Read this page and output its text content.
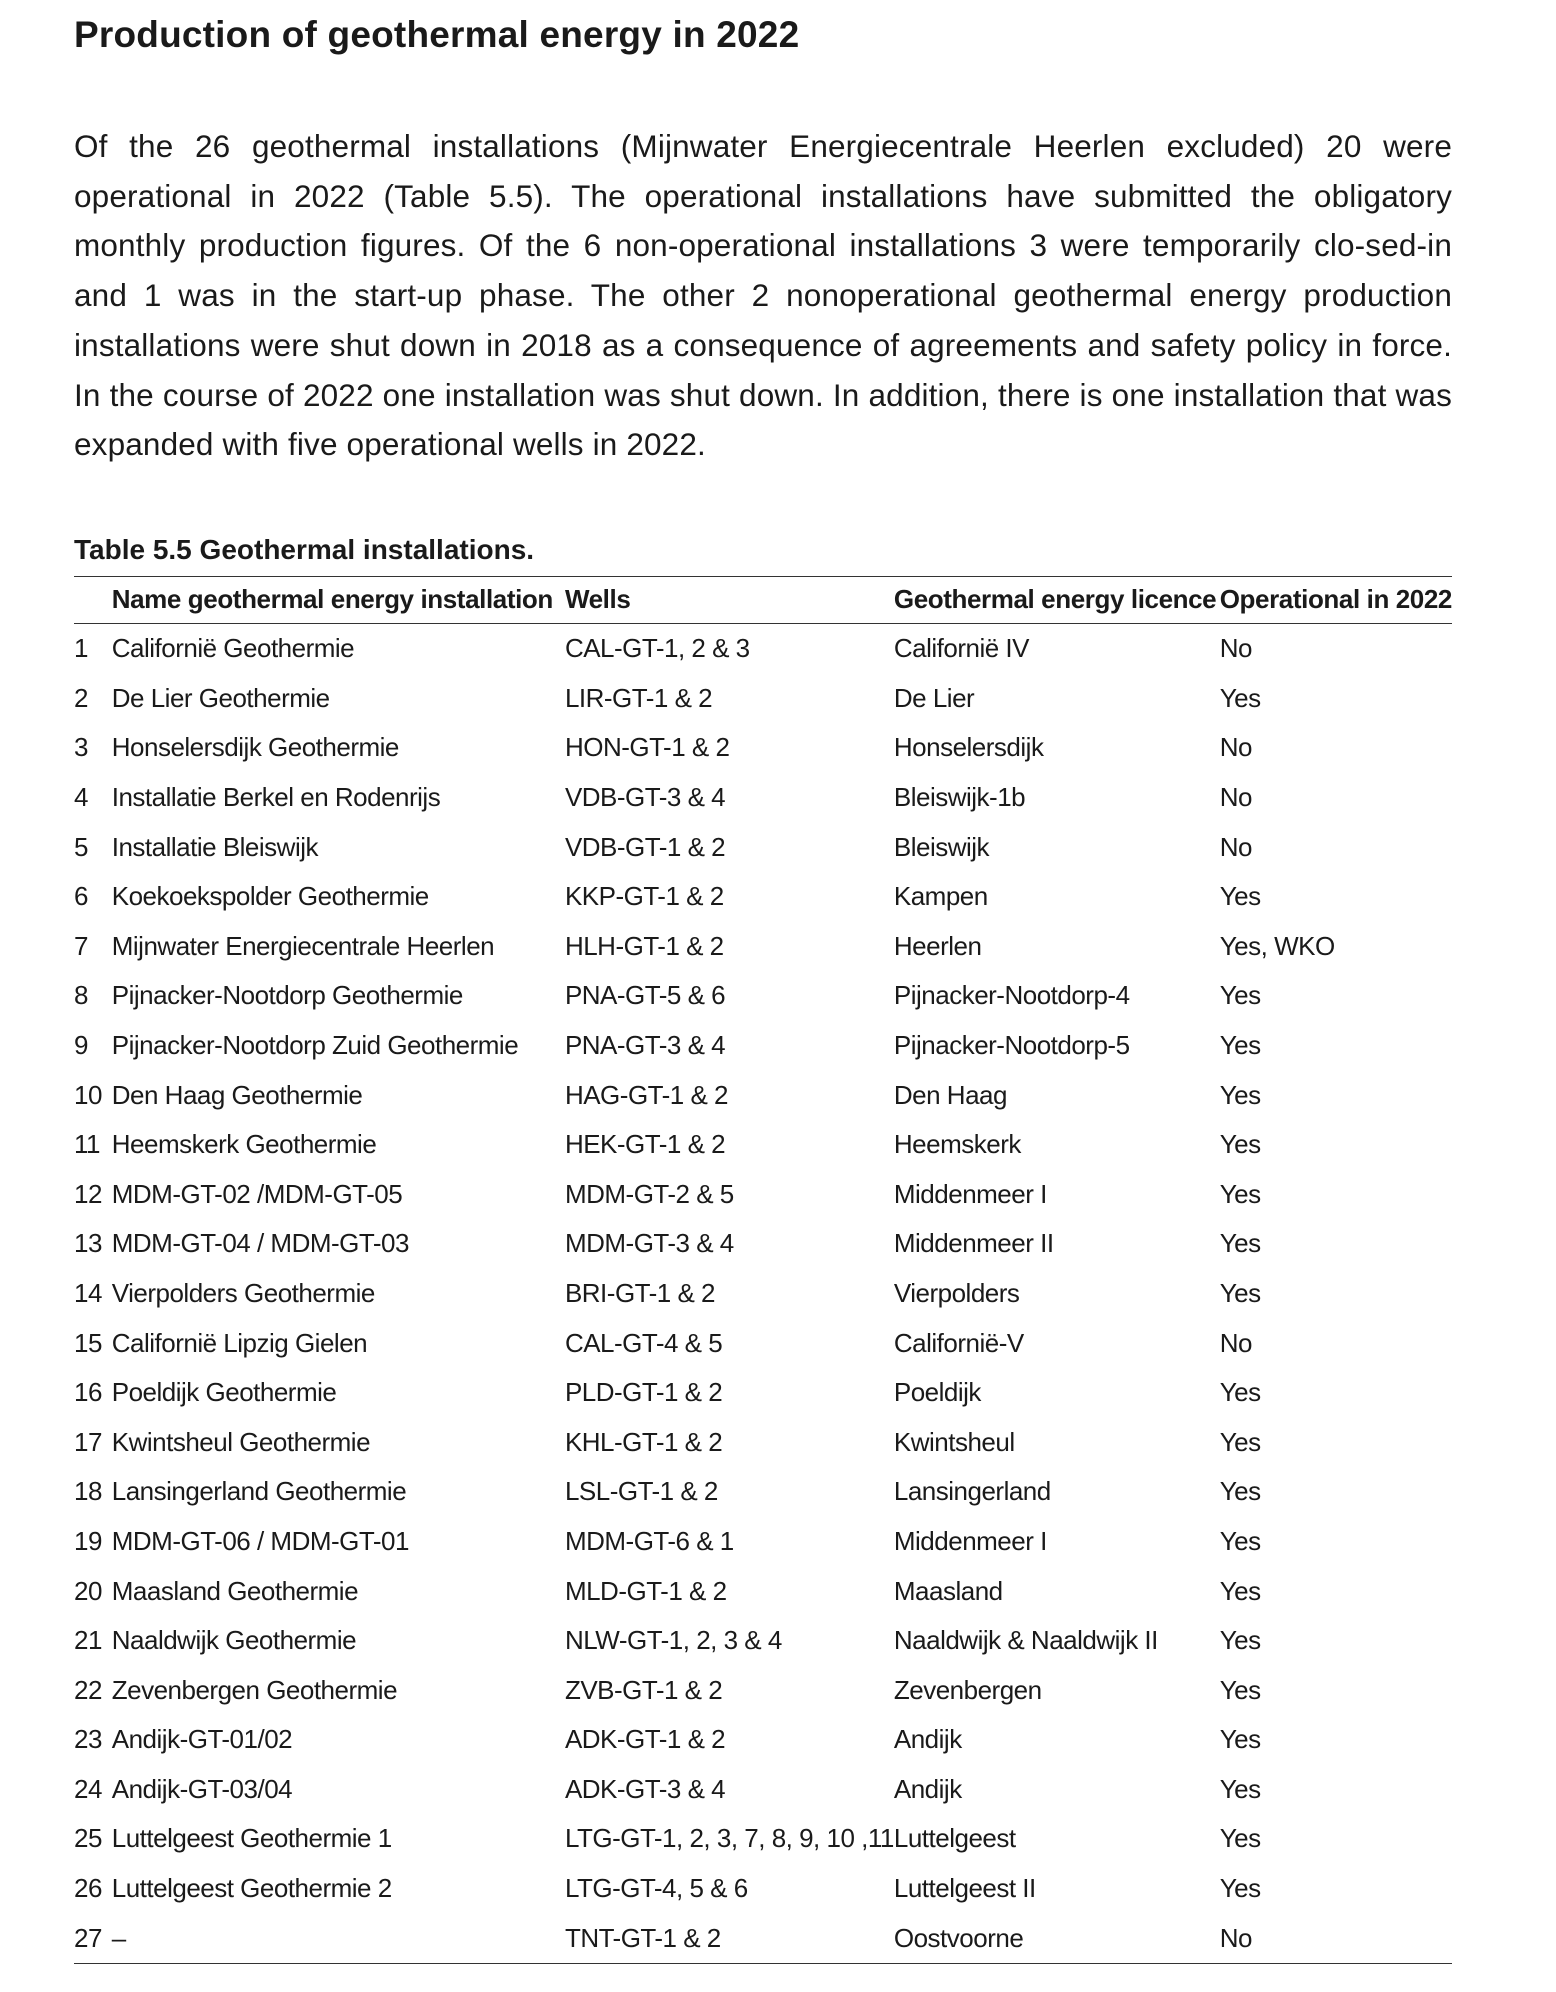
Production of geothermal energy in 2022

Of the 26 geothermal installations (Mijnwater Energiecentrale Heerlen excluded) 20 were operational in 2022 (Table 5.5). The operational installations have submitted the obligatory monthly production figures. Of the 6 non-operational installations 3 were temporarily clo-sed-in and 1 was in the start-up phase. The other 2 nonoperational geothermal energy production installations were shut down in 2018 as a consequence of agreements and safety policy in force. In the course of 2022 one installation was shut down. In addition, there is one installation that was expanded with five operational wells in 2022.

Table 5.5 Geothermal installations.
	Name geothermal energy installation	Wells	Geothermal energy licence	Operational in 2022
1	Californië Geothermie	CAL-GT-1, 2 & 3	Californië IV	No
2	De Lier Geothermie	LIR-GT-1 & 2	De Lier	Yes
3	Honselersdijk Geothermie	HON-GT-1 & 2	Honselersdijk	No
4	Installatie Berkel en Rodenrijs	VDB-GT-3 & 4	Bleiswijk-1b	No
5	Installatie Bleiswijk	VDB-GT-1 & 2	Bleiswijk	No
6	Koekoekspolder Geothermie	KKP-GT-1 & 2	Kampen	Yes
7	Mijnwater Energiecentrale Heerlen	HLH-GT-1 & 2	Heerlen	Yes, WKO
8	Pijnacker-Nootdorp Geothermie	PNA-GT-5 & 6	Pijnacker-Nootdorp-4	Yes
9	Pijnacker-Nootdorp Zuid Geothermie	PNA-GT-3 & 4	Pijnacker-Nootdorp-5	Yes
10	Den Haag Geothermie	HAG-GT-1 & 2	Den Haag	Yes
11	Heemskerk Geothermie	HEK-GT-1 & 2	Heemskerk	Yes
12	MDM-GT-02 /MDM-GT-05	MDM-GT-2 & 5	Middenmeer I	Yes
13	MDM-GT-04 / MDM-GT-03	MDM-GT-3 & 4	Middenmeer II	Yes
14	Vierpolders Geothermie	BRI-GT-1 & 2	Vierpolders	Yes
15	Californië Lipzig Gielen	CAL-GT-4 & 5	Californië-V	No
16	Poeldijk Geothermie	PLD-GT-1 & 2	Poeldijk	Yes
17	Kwintsheul Geothermie	KHL-GT-1 & 2	Kwintsheul	Yes
18	Lansingerland Geothermie	LSL-GT-1 & 2	Lansingerland	Yes
19	MDM-GT-06 / MDM-GT-01	MDM-GT-6 & 1	Middenmeer I	Yes
20	Maasland Geothermie	MLD-GT-1 & 2	Maasland	Yes
21	Naaldwijk Geothermie	NLW-GT-1, 2, 3 & 4	Naaldwijk & Naaldwijk II	Yes
22	Zevenbergen Geothermie	ZVB-GT-1 & 2	Zevenbergen	Yes
23	Andijk-GT-01/02	ADK-GT-1 & 2	Andijk	Yes
24	Andijk-GT-03/04	ADK-GT-3 & 4	Andijk	Yes
25	Luttelgeest Geothermie 1	LTG-GT-1, 2, 3, 7, 8, 9, 10 ,11	Luttelgeest	Yes
26	Luttelgeest Geothermie 2	LTG-GT-4, 5 & 6	Luttelgeest II	Yes
27	–	TNT-GT-1 & 2	Oostvoorne	No
